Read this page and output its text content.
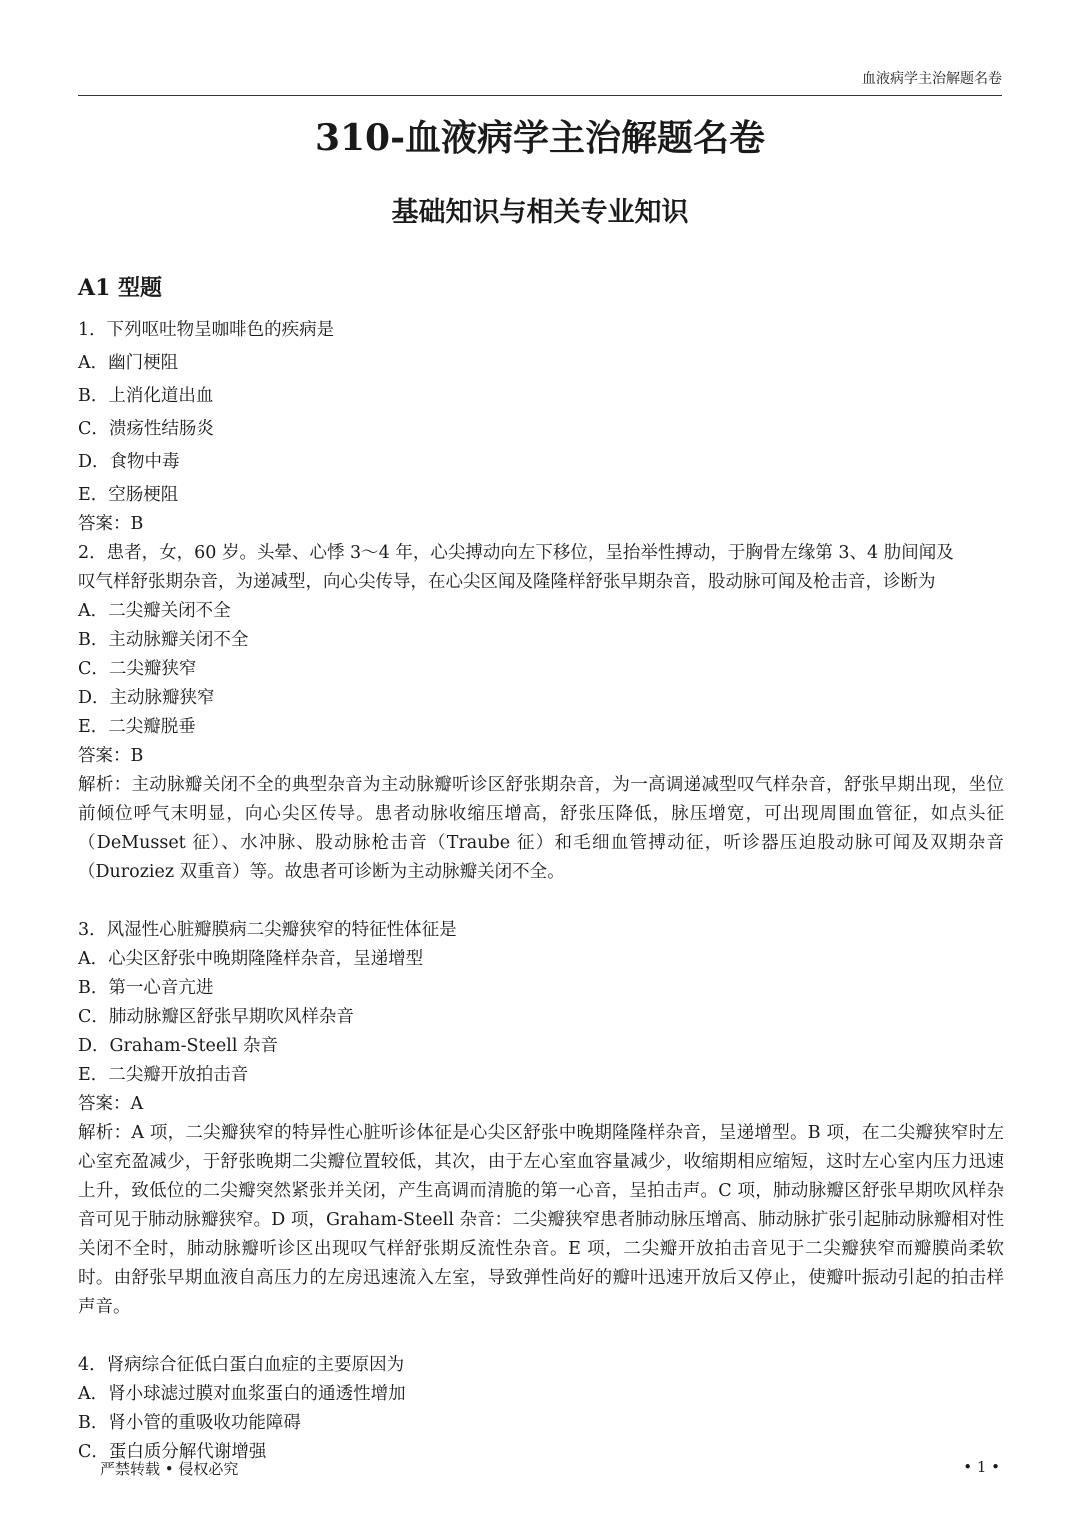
血液病学主治解题名卷
310-血液病学主治解题名卷
基础知识与相关专业知识
A1 型题
1．下列呕吐物呈咖啡色的疾病是
A．幽门梗阻
B．上消化道出血
C．溃疡性结肠炎
D．食物中毒
E．空肠梗阻
答案：B
2．患者，女，60 岁。头晕、心悸 3～4 年，心尖搏动向左下移位，呈抬举性搏动，于胸骨左缘第 3、4 肋间闻及
叹气样舒张期杂音，为递减型，向心尖传导，在心尖区闻及隆隆样舒张早期杂音，股动脉可闻及枪击音，诊断为
A．二尖瓣关闭不全
B．主动脉瓣关闭不全
C．二尖瓣狭窄
D．主动脉瓣狭窄
E．二尖瓣脱垂
答案：B
解析：主动脉瓣关闭不全的典型杂音为主动脉瓣听诊区舒张期杂音，为一高调递减型叹气样杂音，舒张早期出现，坐位前倾位呼气末明显，向心尖区传导。患者动脉收缩压增高，舒张压降低，脉压增宽，可出现周围血管征，如点头征（DeMusset 征）、水冲脉、股动脉枪击音（Traube 征）和毛细血管搏动征，听诊器压迫股动脉可闻及双期杂音（Duroziez 双重音）等。故患者可诊断为主动脉瓣关闭不全。
3．风湿性心脏瓣膜病二尖瓣狭窄的特征性体征是
A．心尖区舒张中晚期隆隆样杂音，呈递增型
B．第一心音亢进
C．肺动脉瓣区舒张早期吹风样杂音
D．Graham-Steell 杂音
E．二尖瓣开放拍击音
答案：A
解析：A 项，二尖瓣狭窄的特异性心脏听诊体征是心尖区舒张中晚期隆隆样杂音，呈递增型。B 项，在二尖瓣狭窄时左心室充盈减少，于舒张晚期二尖瓣位置较低，其次，由于左心室血容量减少，收缩期相应缩短，这时左心室内压力迅速上升，致低位的二尖瓣突然紧张并关闭，产生高调而清脆的第一心音，呈拍击声。C 项，肺动脉瓣区舒张早期吹风样杂音可见于肺动脉瓣狭窄。D 项，Graham-Steell 杂音：二尖瓣狭窄患者肺动脉压增高、肺动脉扩张引起肺动脉瓣相对性关闭不全时，肺动脉瓣听诊区出现叹气样舒张期反流性杂音。E 项，二尖瓣开放拍击音见于二尖瓣狭窄而瓣膜尚柔软时。由舒张早期血液自高压力的左房迅速流入左室，导致弹性尚好的瓣叶迅速开放后又停止，使瓣叶振动引起的拍击样声音。
4．肾病综合征低白蛋白血症的主要原因为
A．肾小球滤过膜对血浆蛋白的通透性增加
B．肾小管的重吸收功能障碍
C．蛋白质分解代谢增强
严禁转载 • 侵权必究	• 1 •
